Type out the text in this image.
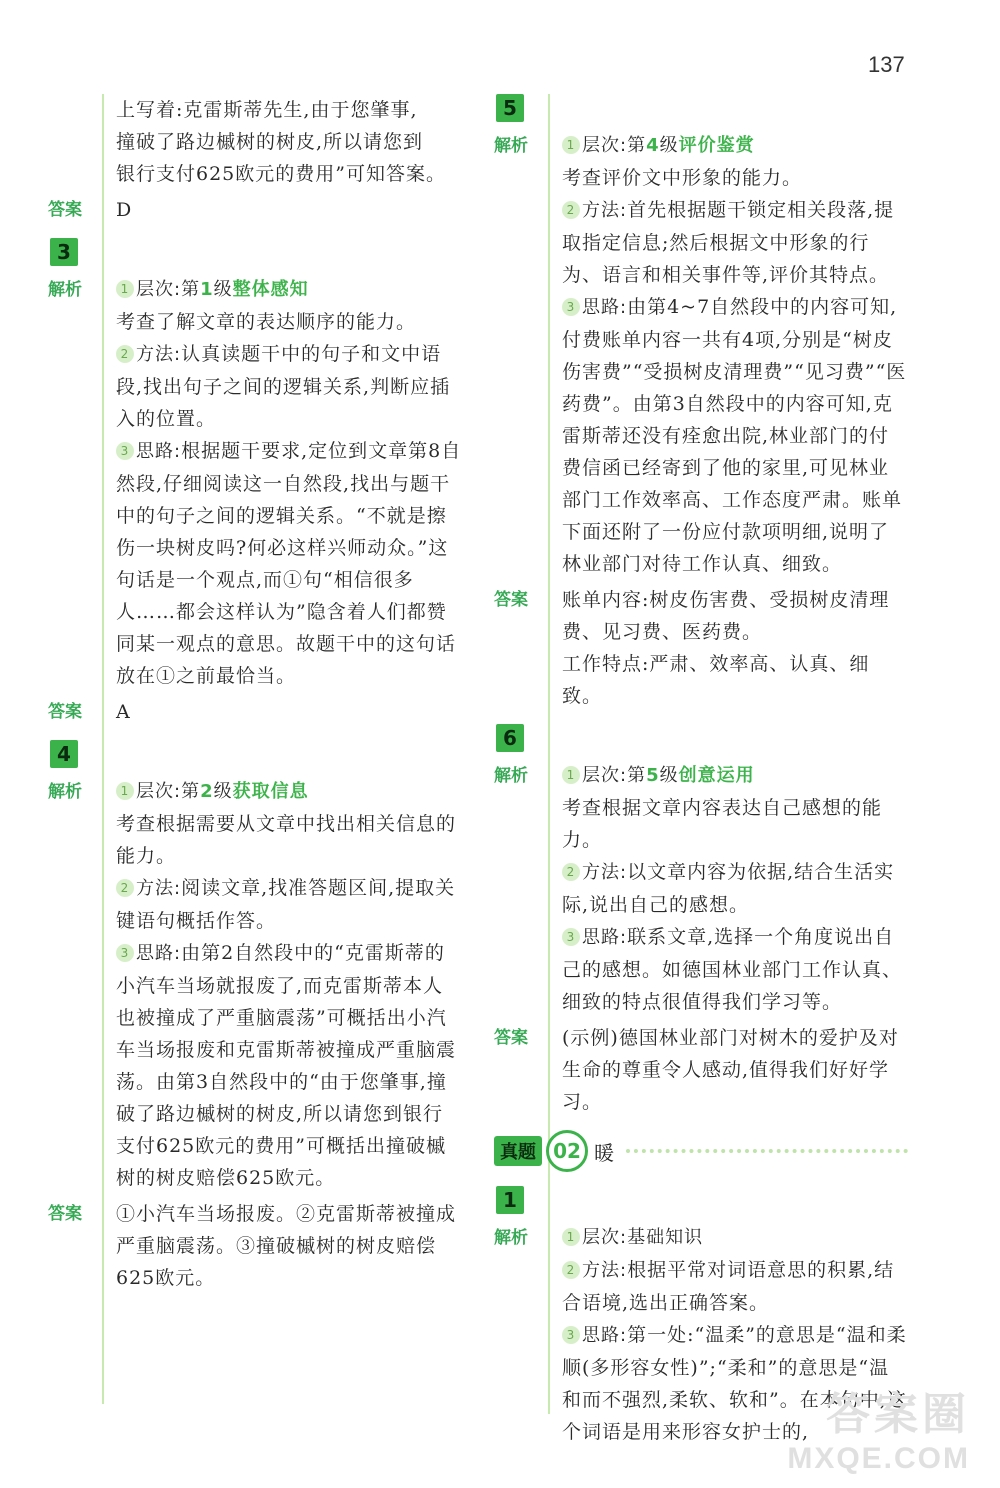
137

上写着:克雷斯蒂先生,由于您肇事,

撞破了路边槭树的树皮,所以请您到

银行支付625欧元的费用”可知答案。

答案	D
3
解析	1 层次:第1级整体感知

考查了解文章的表达顺序的能力。

2 方法:认真读题干中的句子和文中语段,找出句子之间的逻辑关系,判断应插入的位置。

3 思路:根据题干要求,定位到文章第8自然段,仔细阅读这一自然段,找出与题干中的句子之间的逻辑关系。“不就是擦伤一块树皮吗?何必这样兴师动众。”这句话是一个观点,而①句“相信很多人……都会这样认为”隐含着人们都赞同某一观点的意思。故题干中的这句话放在①之前最恰当。

答案	A
4
解析	1 层次:第2级获取信息

考查根据需要从文章中找出相关信息的能力。

2 方法:阅读文章,找准答题区间,提取关键语句概括作答。

3 思路:由第2自然段中的“克雷斯蒂的小汽车当场就报废了,而克雷斯蒂本人也被撞成了严重脑震荡”可概括出小汽车当场报废和克雷斯蒂被撞成严重脑震荡。由第3自然段中的“由于您肇事,撞破了路边槭树的树皮,所以请您到银行支付625欧元的费用”可概括出撞破槭树的树皮赔偿625欧元。

答案	①小汽车当场报废。②克雷斯蒂被撞成严重脑震荡。③撞破槭树的树皮赔偿625欧元。
5
解析	1 层次:第4级评价鉴赏

考查评价文中形象的能力。

2 方法:首先根据题干锁定相关段落,提取指定信息;然后根据文中形象的行为、语言和相关事件等,评价其特点。

3 思路:由第4~7自然段中的内容可知,付费账单内容一共有4项,分别是“树皮伤害费”“受损树皮清理费”“见习费”“医药费”。由第3自然段中的内容可知,克雷斯蒂还没有痊愈出院,林业部门的付费信函已经寄到了他的家里,可见林业部门工作效率高、工作态度严肃。账单下面还附了一份应付款项明细,说明了林业部门对待工作认真、细致。

答案	账单内容:树皮伤害费、受损树皮清理费、见习费、医药费。

工作特点:严肃、效率高、认真、细致。

6
解析	1 层次:第5级创意运用

考查根据文章内容表达自己感想的能力。

2 方法:以文章内容为依据,结合生活实际,说出自己的感想。

3 思路:联系文章,选择一个角度说出自己的感想。如德国林业部门工作认真、细致的特点很值得我们学习等。

答案	(示例)德国林业部门对树木的爱护及对生命的尊重令人感动,值得我们好好学习。
真题 02 暖
1
解析	1 层次:基础知识

2 方法:根据平常对词语意思的积累,结合语境,选出正确答案。

3 思路:第一处:“温柔”的意思是“温和柔顺(多形容女性)”;“柔和”的意思是“温和而不强烈,柔软、软和”。在本句中,这个词语是用来形容女护士的, 答案圈
MXQE.COM
